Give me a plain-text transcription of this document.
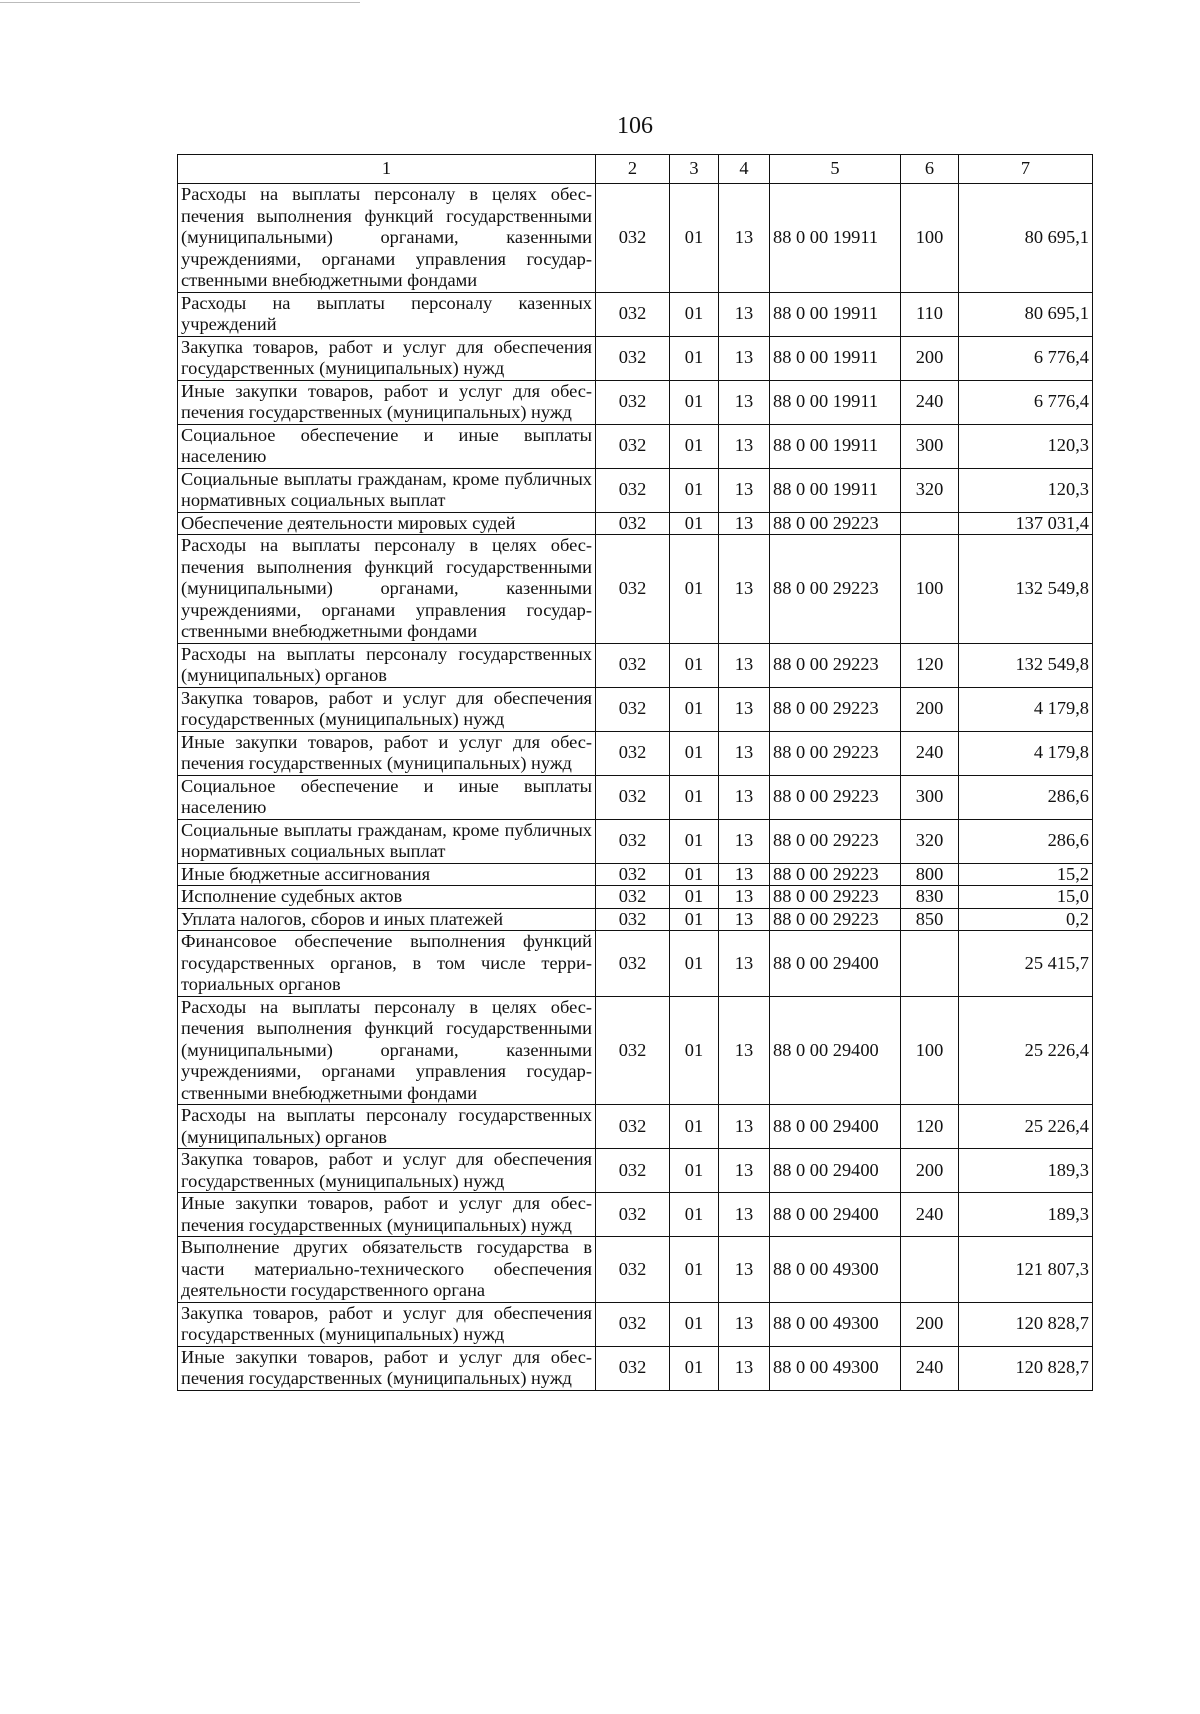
106
1	2	3	4	5	6	7
Расходы на выплаты персоналу в целях обеспечения выполнения функций государственными (муниципальными) органами, казенными учреждениями, органами управления государственными внебюджетными фондами	032	01	13	88 0 00 19911	100	80 695,1
Расходы на выплаты персоналу казенных учреждений	032	01	13	88 0 00 19911	110	80 695,1
Закупка товаров, работ и услуг для обеспечения государственных (муниципальных) нужд	032	01	13	88 0 00 19911	200	6 776,4
Иные закупки товаров, работ и услуг для обеспечения государственных (муниципальных) нужд	032	01	13	88 0 00 19911	240	6 776,4
Социальное обеспечение и иные выплаты населению	032	01	13	88 0 00 19911	300	120,3
Социальные выплаты гражданам, кроме публичных нормативных социальных выплат	032	01	13	88 0 00 19911	320	120,3
Обеспечение деятельности мировых судей	032	01	13	88 0 00 29223		137 031,4
Расходы на выплаты персоналу в целях обеспечения выполнения функций государственными (муниципальными) органами, казенными учреждениями, органами управления государственными внебюджетными фондами	032	01	13	88 0 00 29223	100	132 549,8
Расходы на выплаты персоналу государственных (муниципальных) органов	032	01	13	88 0 00 29223	120	132 549,8
Закупка товаров, работ и услуг для обеспечения государственных (муниципальных) нужд	032	01	13	88 0 00 29223	200	4 179,8
Иные закупки товаров, работ и услуг для обеспечения государственных (муниципальных) нужд	032	01	13	88 0 00 29223	240	4 179,8
Социальное обеспечение и иные выплаты населению	032	01	13	88 0 00 29223	300	286,6
Социальные выплаты гражданам, кроме публичных нормативных социальных выплат	032	01	13	88 0 00 29223	320	286,6
Иные бюджетные ассигнования	032	01	13	88 0 00 29223	800	15,2
Исполнение судебных актов	032	01	13	88 0 00 29223	830	15,0
Уплата налогов, сборов и иных платежей	032	01	13	88 0 00 29223	850	0,2
Финансовое обеспечение выполнения функций государственных органов, в том числе территориальных органов	032	01	13	88 0 00 29400		25 415,7
Расходы на выплаты персоналу в целях обеспечения выполнения функций государственными (муниципальными) органами, казенными учреждениями, органами управления государственными внебюджетными фондами	032	01	13	88 0 00 29400	100	25 226,4
Расходы на выплаты персоналу государственных (муниципальных) органов	032	01	13	88 0 00 29400	120	25 226,4
Закупка товаров, работ и услуг для обеспечения государственных (муниципальных) нужд	032	01	13	88 0 00 29400	200	189,3
Иные закупки товаров, работ и услуг для обеспечения государственных (муниципальных) нужд	032	01	13	88 0 00 29400	240	189,3
Выполнение других обязательств государства в части материально-технического обеспечения деятельности государственного органа	032	01	13	88 0 00 49300		121 807,3
Закупка товаров, работ и услуг для обеспечения государственных (муниципальных) нужд	032	01	13	88 0 00 49300	200	120 828,7
Иные закупки товаров, работ и услуг для обеспечения государственных (муниципальных) нужд	032	01	13	88 0 00 49300	240	120 828,7
